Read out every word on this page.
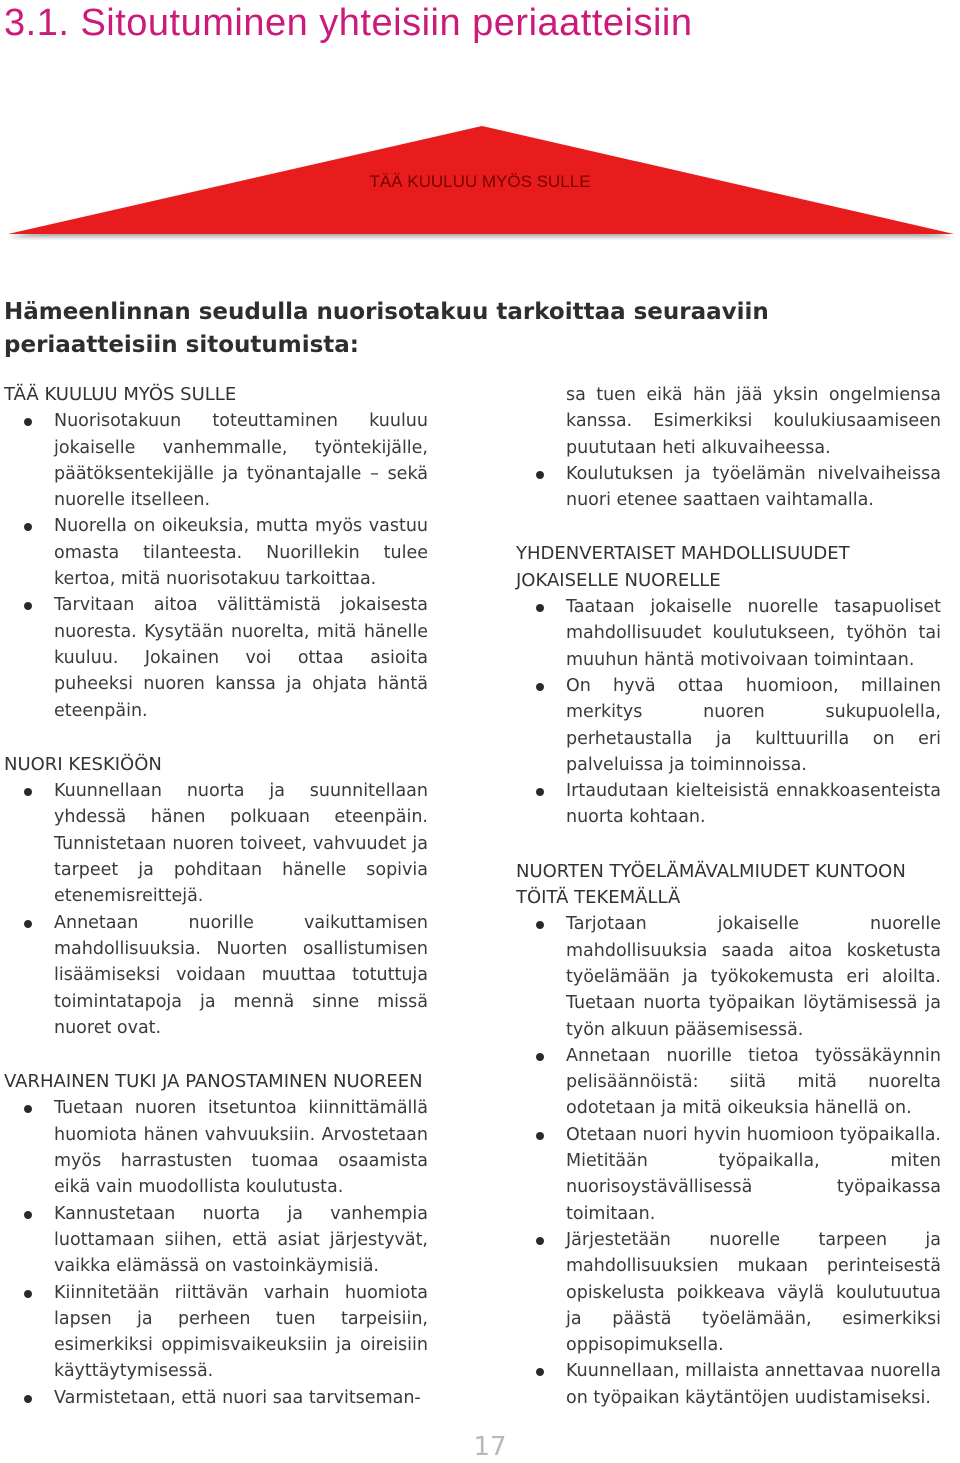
3.1. Sitoutuminen yhteisiin periaatteisiin
TÄÄ KUULUU MYÖS SULLE
Hämeenlinnan seudulla nuorisotakuu tarkoittaa seuraaviin periaatteisiin sitoutumista:
TÄÄ KUULUU MYÖS SULLE
Nuorisotakuun toteuttaminen kuuluu jokaiselle vanhemmalle, työntekijälle, päätöksentekijälle ja työnantajalle – sekä nuorelle itselleen.
Nuorella on oikeuksia, mutta myös vastuu omasta tilanteesta. Nuorillekin tulee kertoa, mitä nuorisotakuu tarkoittaa.
Tarvitaan aitoa välittämistä jokaisesta nuoresta. Kysytään nuorelta, mitä hänelle kuuluu. Jokainen voi ottaa asioita puheeksi nuoren kanssa ja ohjata häntä eteenpäin.
NUORI KESKIÖÖN
Kuunnellaan nuorta ja suunnitellaan yhdessä hänen polkuaan eteenpäin. Tunnistetaan nuoren toiveet, vahvuudet ja tarpeet ja pohditaan hänelle sopivia etenemisreittejä.
Annetaan nuorille vaikuttamisen mahdollisuuksia. Nuorten osallistumisen lisäämiseksi voidaan muuttaa totuttuja toimintatapoja ja mennä sinne missä nuoret ovat.
VARHAINEN TUKI JA PANOSTAMINEN NUOREEN
Tuetaan nuoren itsetuntoa kiinnittämällä huomiota hänen vahvuuksiin. Arvostetaan myös harrastusten tuomaa osaamista eikä vain muodollista koulutusta.
Kannustetaan nuorta ja vanhempia luottamaan siihen, että asiat järjestyvät, vaikka elämässä on vastoinkäymisiä.
Kiinnitetään riittävän varhain huomiota lapsen ja perheen tuen tarpeisiin, esimerkiksi oppimisvaikeuksiin ja oireisiin käyttäytymisessä.
Varmistetaan, että nuori saa tarvitseman-

sa tuen eikä hän jää yksin ongelmiensa kanssa. Esimerkiksi koulukiusaamiseen puututaan heti alkuvaiheessa.

Koulutuksen ja työelämän nivelvaiheissa nuori etenee saattaen vaihtamalla.
YHDENVERTAISET MAHDOLLISUUDET JOKAISELLE NUORELLE
Taataan jokaiselle nuorelle tasapuoliset mahdollisuudet koulutukseen, työhön tai muuhun häntä motivoivaan toimintaan.
On hyvä ottaa huomioon, millainen merkitys nuoren sukupuolella, perhetaustalla ja kulttuurilla on eri palveluissa ja toiminnoissa.
Irtaudutaan kielteisistä ennakkoasenteista nuorta kohtaan.
NUORTEN TYÖELÄMÄVALMIUDET KUNTOON TÖITÄ TEKEMÄLLÄ
Tarjotaan jokaiselle nuorelle mahdollisuuksia saada aitoa kosketusta työelämään ja työkokemusta eri aloilta. Tuetaan nuorta työpaikan löytämisessä ja työn alkuun pääsemisessä.
Annetaan nuorille tietoa työssäkäynnin pelisäännöistä: siitä mitä nuorelta odotetaan ja mitä oikeuksia hänellä on.
Otetaan nuori hyvin huomioon työpaikalla. Mietitään työpaikalla, miten nuorisoystävällisessä työpaikassa toimitaan.
Järjestetään nuorelle tarpeen ja mahdollisuuksien mukaan perinteisestä opiskelusta poikkeava väylä koulutuutua ja päästä työelämään, esimerkiksi oppisopimuksella.
Kuunnellaan, millaista annettavaa nuorella on työpaikan käytäntöjen uudistamiseksi.
17
